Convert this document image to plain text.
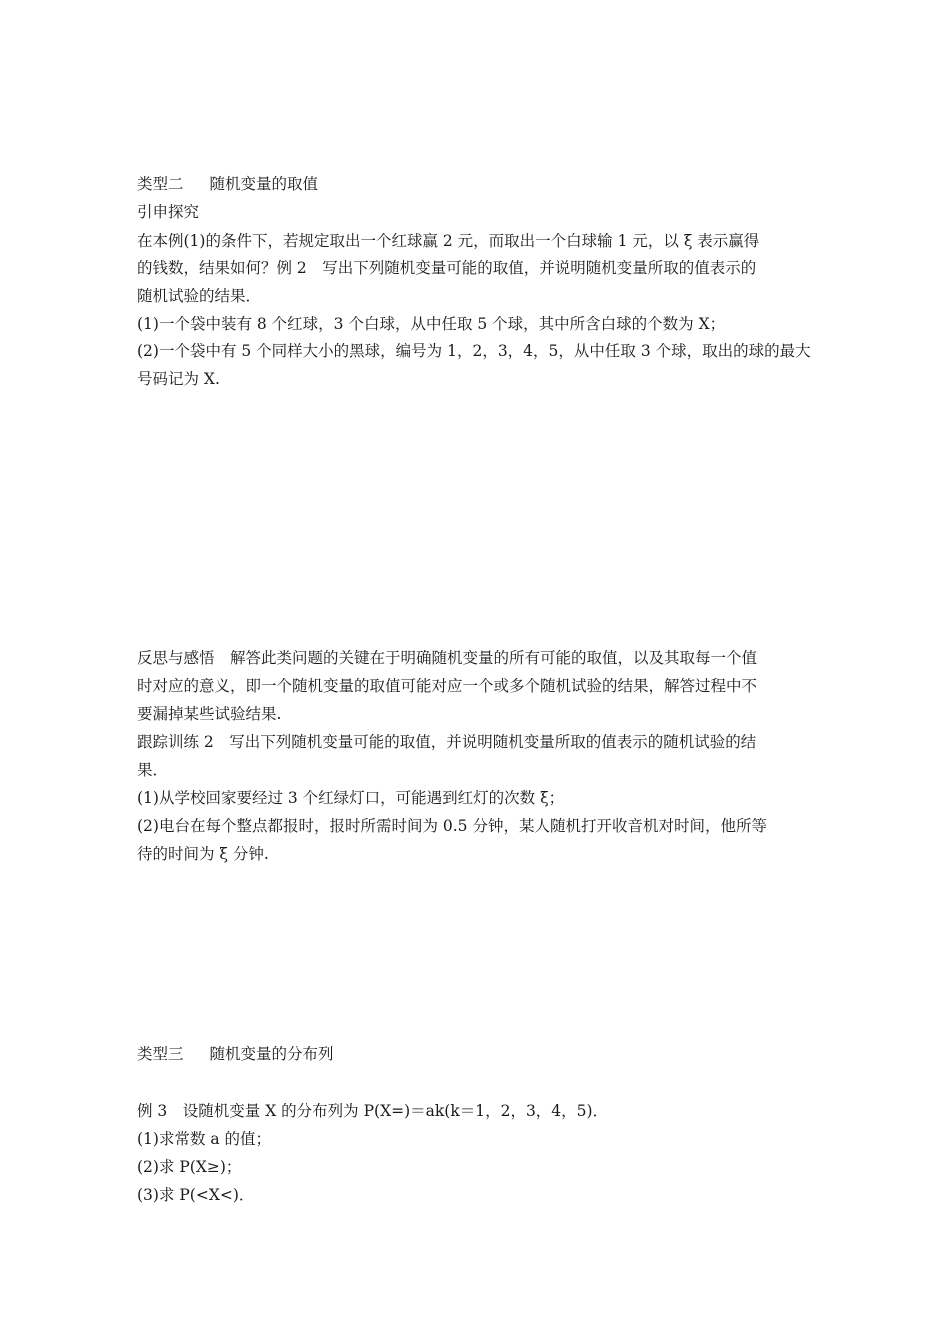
类型二 随机变量的取值
引申探究
在本例(1)的条件下，若规定取出一个红球赢 2 元，而取出一个白球输 1 元，以 ξ 表示赢得
的钱数，结果如何？例 2　写出下列随机变量可能的取值，并说明随机变量所取的值表示的
随机试验的结果．
(1)一个袋中装有 8 个红球，3 个白球，从中任取 5 个球，其中所含白球的个数为 X；
(2)一个袋中有 5 个同样大小的黑球，编号为 1，2，3，4，5，从中任取 3 个球，取出的球的最大
号码记为 X.
反思与感悟　解答此类问题的关键在于明确随机变量的所有可能的取值，以及其取每一个值
时对应的意义，即一个随机变量的取值可能对应一个或多个随机试验的结果，解答过程中不
要漏掉某些试验结果.
跟踪训练 2　写出下列随机变量可能的取值，并说明随机变量所取的值表示的随机试验的结
果．
(1)从学校回家要经过 3 个红绿灯口，可能遇到红灯的次数 ξ；
(2)电台在每个整点都报时，报时所需时间为 0.5 分钟，某人随机打开收音机对时间，他所等
待的时间为 ξ 分钟.
类型三 随机变量的分布列
例 3　设随机变量 X 的分布列为 P(X=)＝ak(k＝1，2，3，4，5)．
(1)求常数 a 的值；
(2)求 P(X≥)；
(3)求 P(<X<)．
